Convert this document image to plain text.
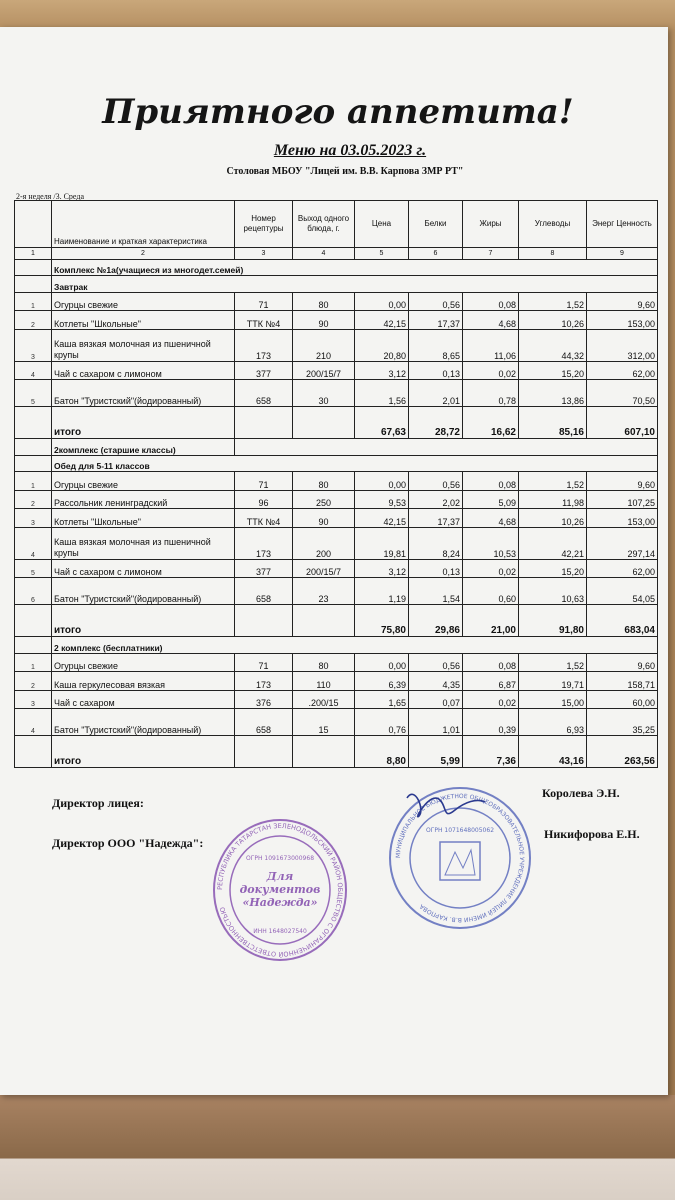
Приятного аппетита!
Меню на 03.05.2023 г.
Столовая МБОУ "Лицей им. В.В. Карпова ЗМР РТ"
2-я неделя /3. Среда
	Наименование и краткая характеристика	Номер рецептуры	Выход одного блюда, г.	Цена	Белки	Жиры	Углеводы	Энерг Ценность
1	2	3	4	5	6	7	8	9
	Комплекс №1а(учащиеся из многодет.семей)							
	Завтрак							
1	Огурцы свежие	71	80	0,00	0,56	0,08	1,52	9,60
2	Котлеты "Школьные"	ТТК №4	90	42,15	17,37	4,68	10,26	153,00
3	Каша вязкая молочная из пшеничной крупы	173	210	20,80	8,65	11,06	44,32	312,00
4	Чай с сахаром с лимоном	377	200/15/7	3,12	0,13	0,02	15,20	62,00
5	Батон "Туристский"(йодированный)	658	30	1,56	2,01	0,78	13,86	70,50
	итого			67,63	28,72	16,62	85,16	607,10
	2комплекс (старшие классы)							
	Обед для 5-11 классов							
1	Огурцы свежие	71	80	0,00	0,56	0,08	1,52	9,60
2	Рассольник ленинградский	96	250	9,53	2,02	5,09	11,98	107,25
3	Котлеты "Школьные"	ТТК №4	90	42,15	17,37	4,68	10,26	153,00
4	Каша вязкая молочная из пшеничной крупы	173	200	19,81	8,24	10,53	42,21	297,14
5	Чай с сахаром с лимоном	377	200/15/7	3,12	0,13	0,02	15,20	62,00
6	Батон "Туристский"(йодированный)	658	23	1,19	1,54	0,60	10,63	54,05
	итого			75,80	29,86	21,00	91,80	683,04
	2 комплекс (бесплатники)							
1	Огурцы свежие	71	80	0,00	0,56	0,08	1,52	9,60
2	Каша геркулесовая вязкая	173	110	6,39	4,35	6,87	19,71	158,71
3	Чай с сахаром	376	.200/15	1,65	0,07	0,02	15,00	60,00
4	Батон "Туристский"(йодированный)	658	15	0,76	1,01	0,39	6,93	35,25
	итого			8,80	5,99	7,36	43,16	263,56
Директор лицея:
Директор ООО "Надежда":
Королева Э.Н.
Никифорова Е.Н.
РЕСПУБЛИКА ТАТАРСТАН ЗЕЛЕНОДОЛЬСКИЙ РАЙОН ОБЩЕСТВО С ОГРАНИЧЕННОЙ ОТВЕТСТВЕННОСТЬЮ
ОГРН 1091673000968
ИНН 1648027540
Для документов «Надежда»
МУНИЦИПАЛЬНОЕ БЮДЖЕТНОЕ ОБЩЕОБРАЗОВАТЕЛЬНОЕ УЧРЕЖДЕНИЕ ЛИЦЕЙ ИМЕНИ В.В. КАРПОВА
ОГРН 1071648005062
